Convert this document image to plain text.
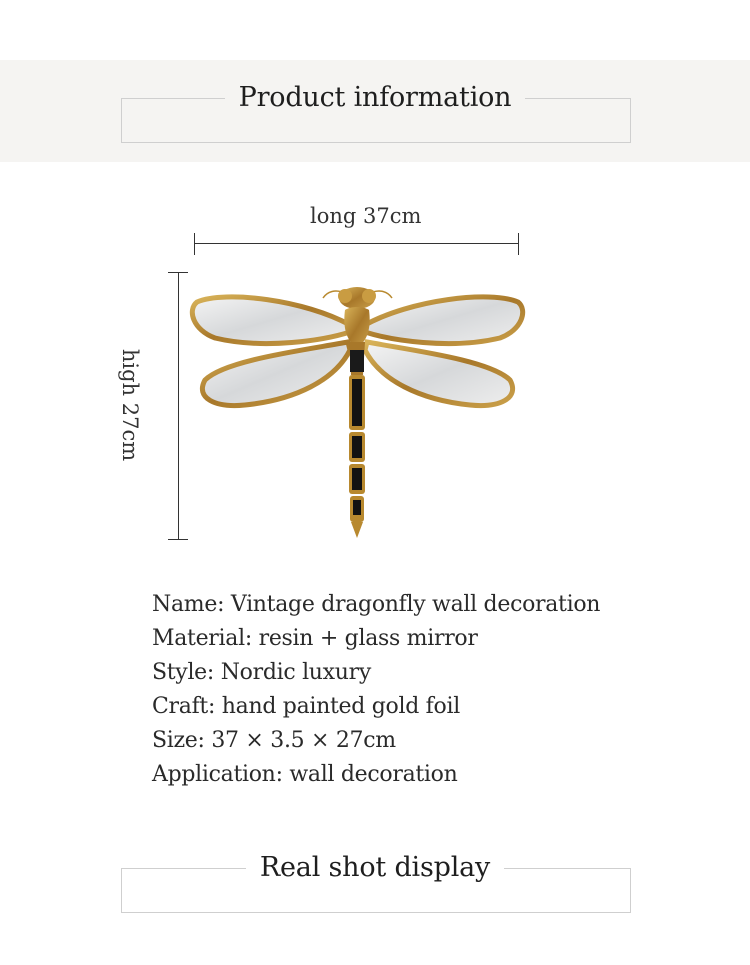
Product information
long 37cm
high 27cm
Name: Vintage dragonfly wall decoration
Material: resin + glass mirror
Style: Nordic luxury
Craft: hand painted gold foil
Size: 37 × 3.5 × 27cm
Application: wall decoration
Real shot display
